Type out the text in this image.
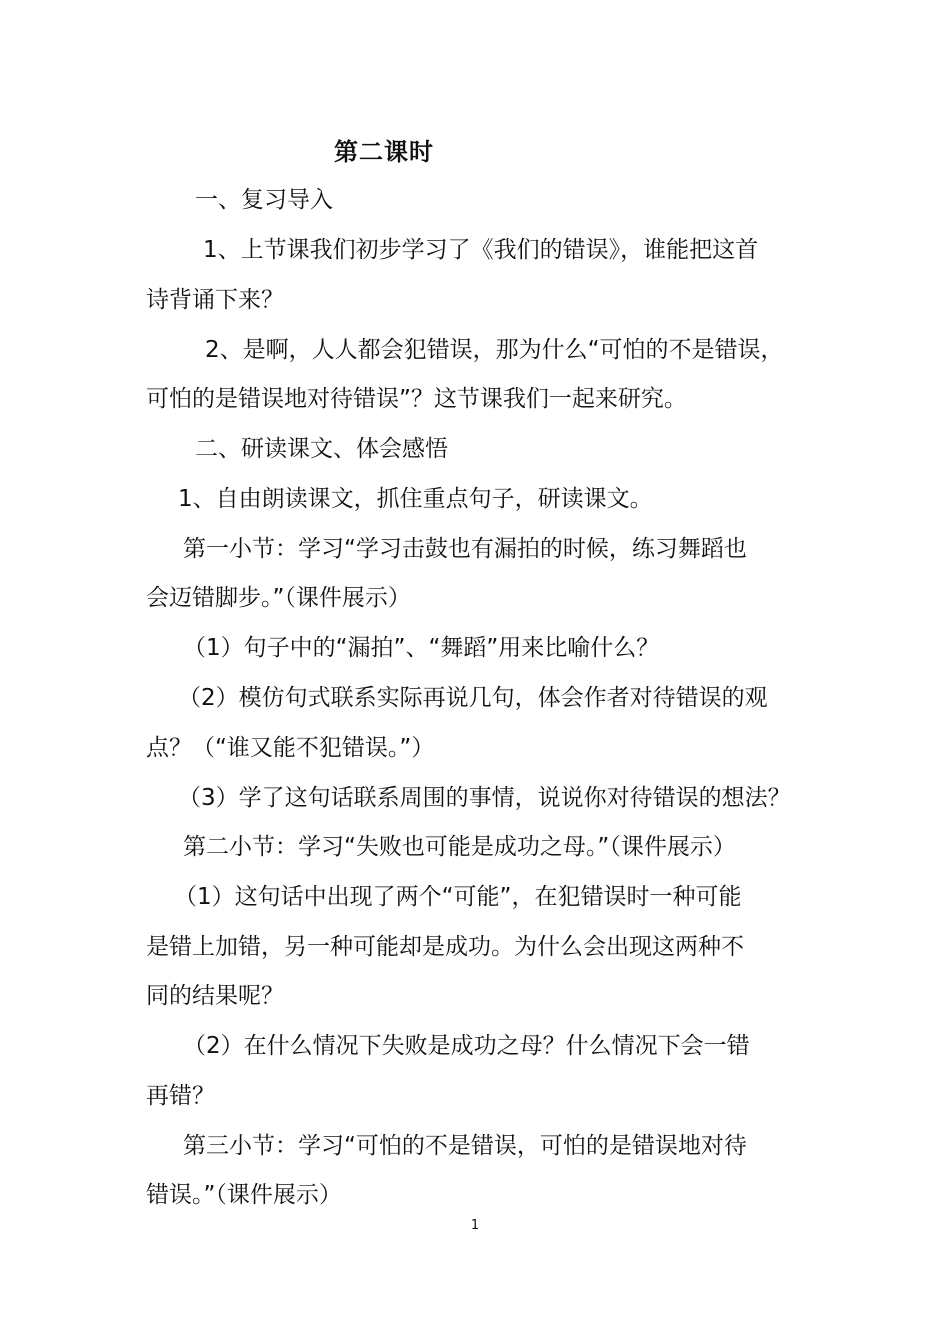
第二课时
一、复习导入
1、上节课我们初步学习了《我们的错误》，谁能把这首
诗背诵下来？
2、是啊，人人都会犯错误，那为什么“可怕的不是错误，
可怕的是错误地对待错误”？这节课我们一起来研究。
二、研读课文、体会感悟
1、自由朗读课文，抓住重点句子，研读课文。
第一小节：学习“学习击鼓也有漏拍的时候，练习舞蹈也
会迈错脚步。”（课件展示）
（1）句子中的“漏拍”、“舞蹈”用来比喻什么？
（2）模仿句式联系实际再说几句，体会作者对待错误的观
点？（“谁又能不犯错误。”）
（3）学了这句话联系周围的事情，说说你对待错误的想法？
第二小节：学习“失败也可能是成功之母。”（课件展示）
（1）这句话中出现了两个“可能”，在犯错误时一种可能
是错上加错，另一种可能却是成功。为什么会出现这两种不
同的结果呢？
（2）在什么情况下失败是成功之母？什么情况下会一错
再错？
第三小节：学习“可怕的不是错误，可怕的是错误地对待
错误。”（课件展示）
1
